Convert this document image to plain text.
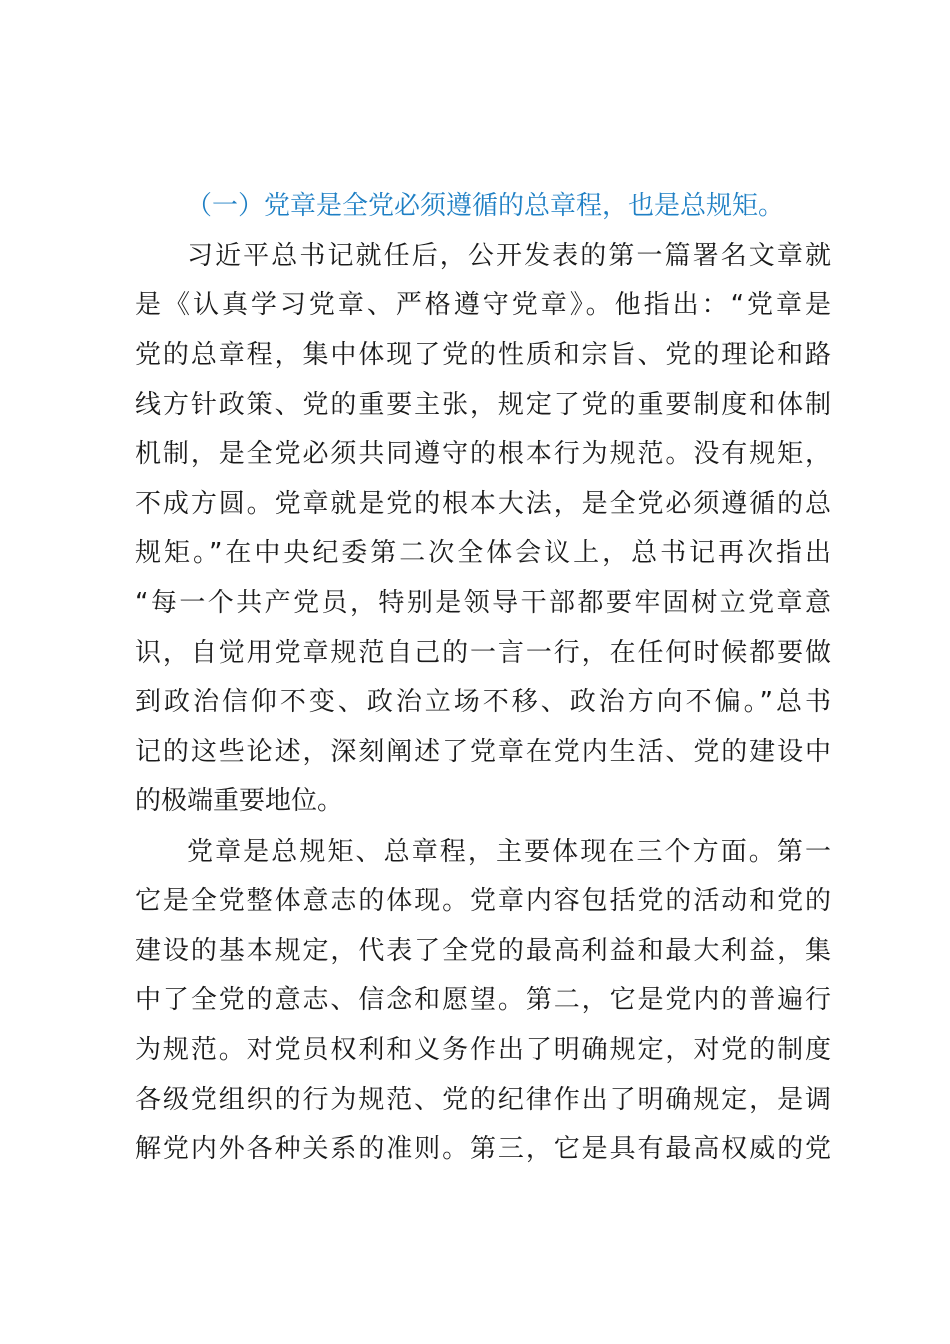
（一）党章是全党必须遵循的总章程，也是总规矩。
习近平总书记就任后，公开发表的第一篇署名文章就
是《认真学习党章、严格遵守党章》。他指出：“党章是
党的总章程，集中体现了党的性质和宗旨、党的理论和路
线方针政策、党的重要主张，规定了党的重要制度和体制
机制，是全党必须共同遵守的根本行为规范。没有规矩，
不成方圆。党章就是党的根本大法，是全党必须遵循的总
规矩。”在中央纪委第二次全体会议上，总书记再次指出
“每一个共产党员，特别是领导干部都要牢固树立党章意
识，自觉用党章规范自己的一言一行，在任何时候都要做
到政治信仰不变、政治立场不移、政治方向不偏。”总书
记的这些论述，深刻阐述了党章在党内生活、党的建设中
的极端重要地位。
党章是总规矩、总章程，主要体现在三个方面。第一
它是全党整体意志的体现。党章内容包括党的活动和党的
建设的基本规定，代表了全党的最高利益和最大利益，集
中了全党的意志、信念和愿望。第二，它是党内的普遍行
为规范。对党员权利和义务作出了明确规定，对党的制度
各级党组织的行为规范、党的纪律作出了明确规定，是调
解党内外各种关系的准则。第三，它是具有最高权威的党
